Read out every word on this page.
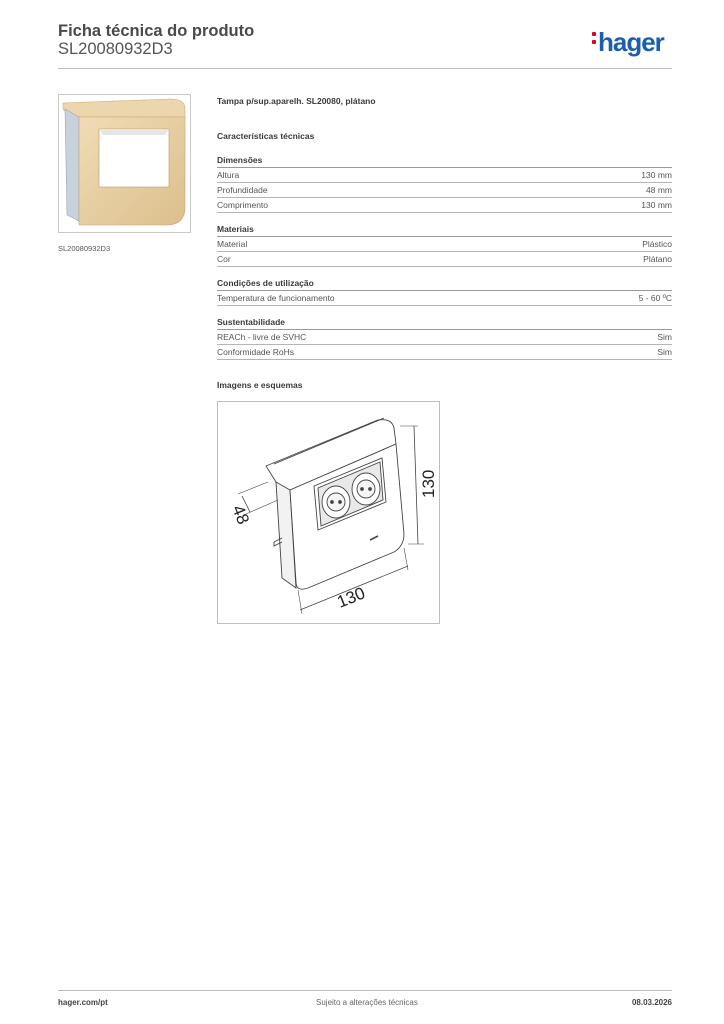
Ficha técnica do produto
SL20080932D3	hager
SL20080932D3
Tampa p/sup.aparelh. SL20080, plátano
Características técnicas
Dimensões
Altura	130 mm
Profundidade	48 mm
Comprimento	130 mm
Materiais
Material	Plástico
Cor	Plátano
Condições de utilização
Temperatura de funcionamento	5 - 60 ºC
Sustentabilidade
REACh - livre de SVHC	Sim
Conformidade RoHs	Sim
Imagens e esquemas
48
130
130
hager.com/pt	Sujeito a alterações técnicas	08.03.2026
